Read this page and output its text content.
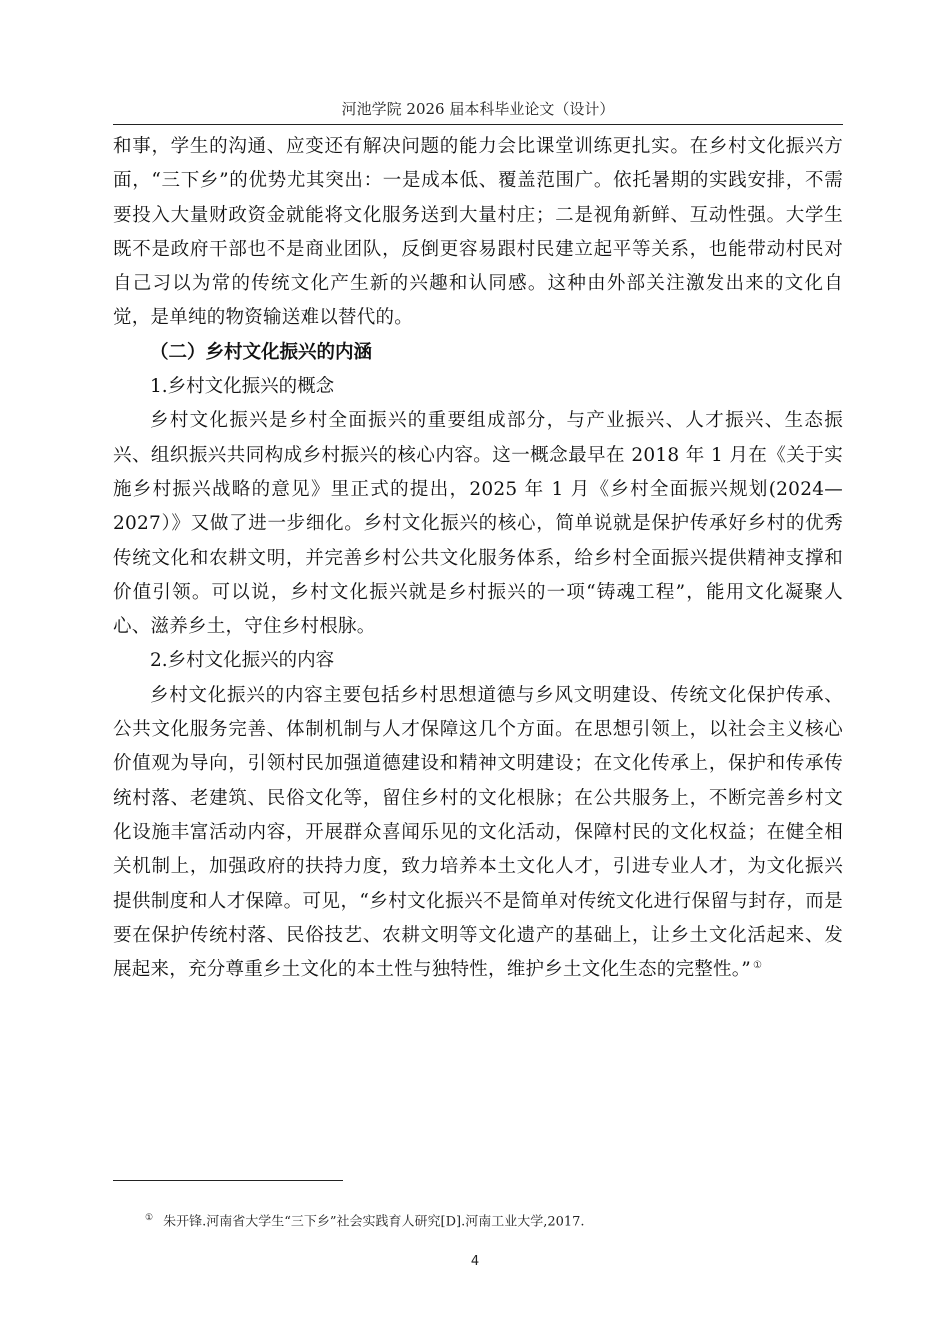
河池学院 2026 届本科毕业论文（设计）

和事，学生的沟通、应变还有解决问题的能力会比课堂训练更扎实。在乡村文化振兴方面，“三下乡”的优势尤其突出：一是成本低、覆盖范围广。依托暑期的实践安排，不需要投入大量财政资金就能将文化服务送到大量村庄；二是视角新鲜、互动性强。大学生既不是政府干部也不是商业团队，反倒更容易跟村民建立起平等关系，也能带动村民对自己习以为常的传统文化产生新的兴趣和认同感。这种由外部关注激发出来的文化自觉，是单纯的物资输送难以替代的。

（二）乡村文化振兴的内涵

1.乡村文化振兴的概念

乡村文化振兴是乡村全面振兴的重要组成部分，与产业振兴、人才振兴、生态振兴、组织振兴共同构成乡村振兴的核心内容。这一概念最早在 2018 年 1 月在《关于实施乡村振兴战略的意见》里正式的提出，2025 年 1 月《乡村全面振兴规划(2024—2027）》又做了进一步细化。乡村文化振兴的核心，简单说就是保护传承好乡村的优秀传统文化和农耕文明，并完善乡村公共文化服务体系，给乡村全面振兴提供精神支撑和价值引领。可以说，乡村文化振兴就是乡村振兴的一项“铸魂工程”，能用文化凝聚人心、滋养乡土，守住乡村根脉。

2.乡村文化振兴的内容

乡村文化振兴的内容主要包括乡村思想道德与乡风文明建设、传统文化保护传承、公共文化服务完善、体制机制与人才保障这几个方面。在思想引领上，以社会主义核心价值观为导向，引领村民加强道德建设和精神文明建设；在文化传承上，保护和传承传统村落、老建筑、民俗文化等，留住乡村的文化根脉；在公共服务上，不断完善乡村文化设施丰富活动内容，开展群众喜闻乐见的文化活动，保障村民的文化权益；在健全相关机制上，加强政府的扶持力度，致力培养本土文化人才，引进专业人才，为文化振兴提供制度和人才保障。可见，“乡村文化振兴不是简单对传统文化进行保留与封存，而是要在保护传统村落、民俗技艺、农耕文明等文化遗产的基础上，让乡土文化活起来、发展起来，充分尊重乡土文化的本土性与独特性，维护乡土文化生态的完整性。” ①

① 朱开锋.河南省大学生“三下乡”社会实践育人研究[D].河南工业大学,2017.
4
